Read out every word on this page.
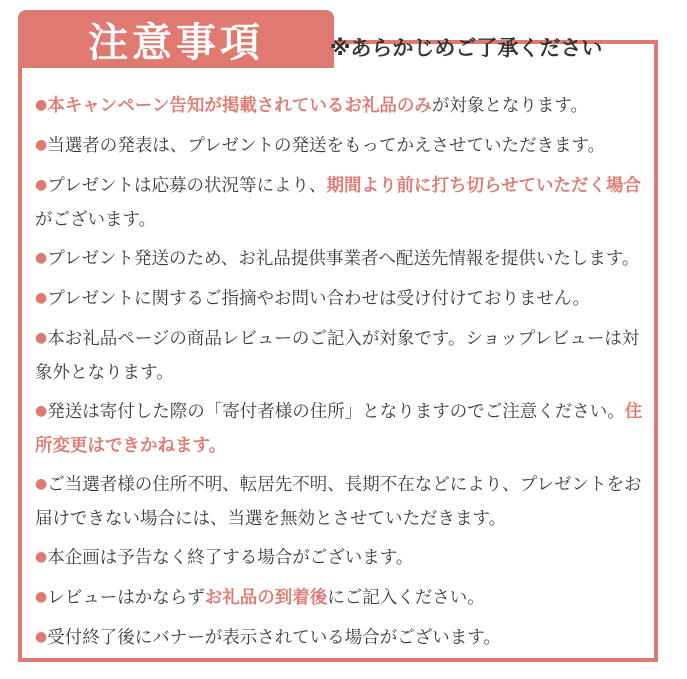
注意事項	※あらかじめご了承ください
●本キャンペーン告知が掲載されているお礼品のみが対象となります。
●当選者の発表は、プレゼントの発送をもってかえさせていただきます。
●プレゼントは応募の状況等により、期間より前に打ち切らせていただく場合がございます。
●プレゼント発送のため、お礼品提供事業者へ配送先情報を提供いたします。
●プレゼントに関するご指摘やお問い合わせは受け付けておりません。
●本お礼品ページの商品レビューのご記入が対象です。ショップレビューは対象外となります。
●発送は寄付した際の「寄付者様の住所」となりますのでご注意ください。住所変更はできかねます。
●ご当選者様の住所不明、転居先不明、長期不在などにより、プレゼントをお届けできない場合には、当選を無効とさせていただきます。
●本企画は予告なく終了する場合がございます。
●レビューはかならずお礼品の到着後にご記入ください。
●受付終了後にバナーが表示されている場合がございます。
